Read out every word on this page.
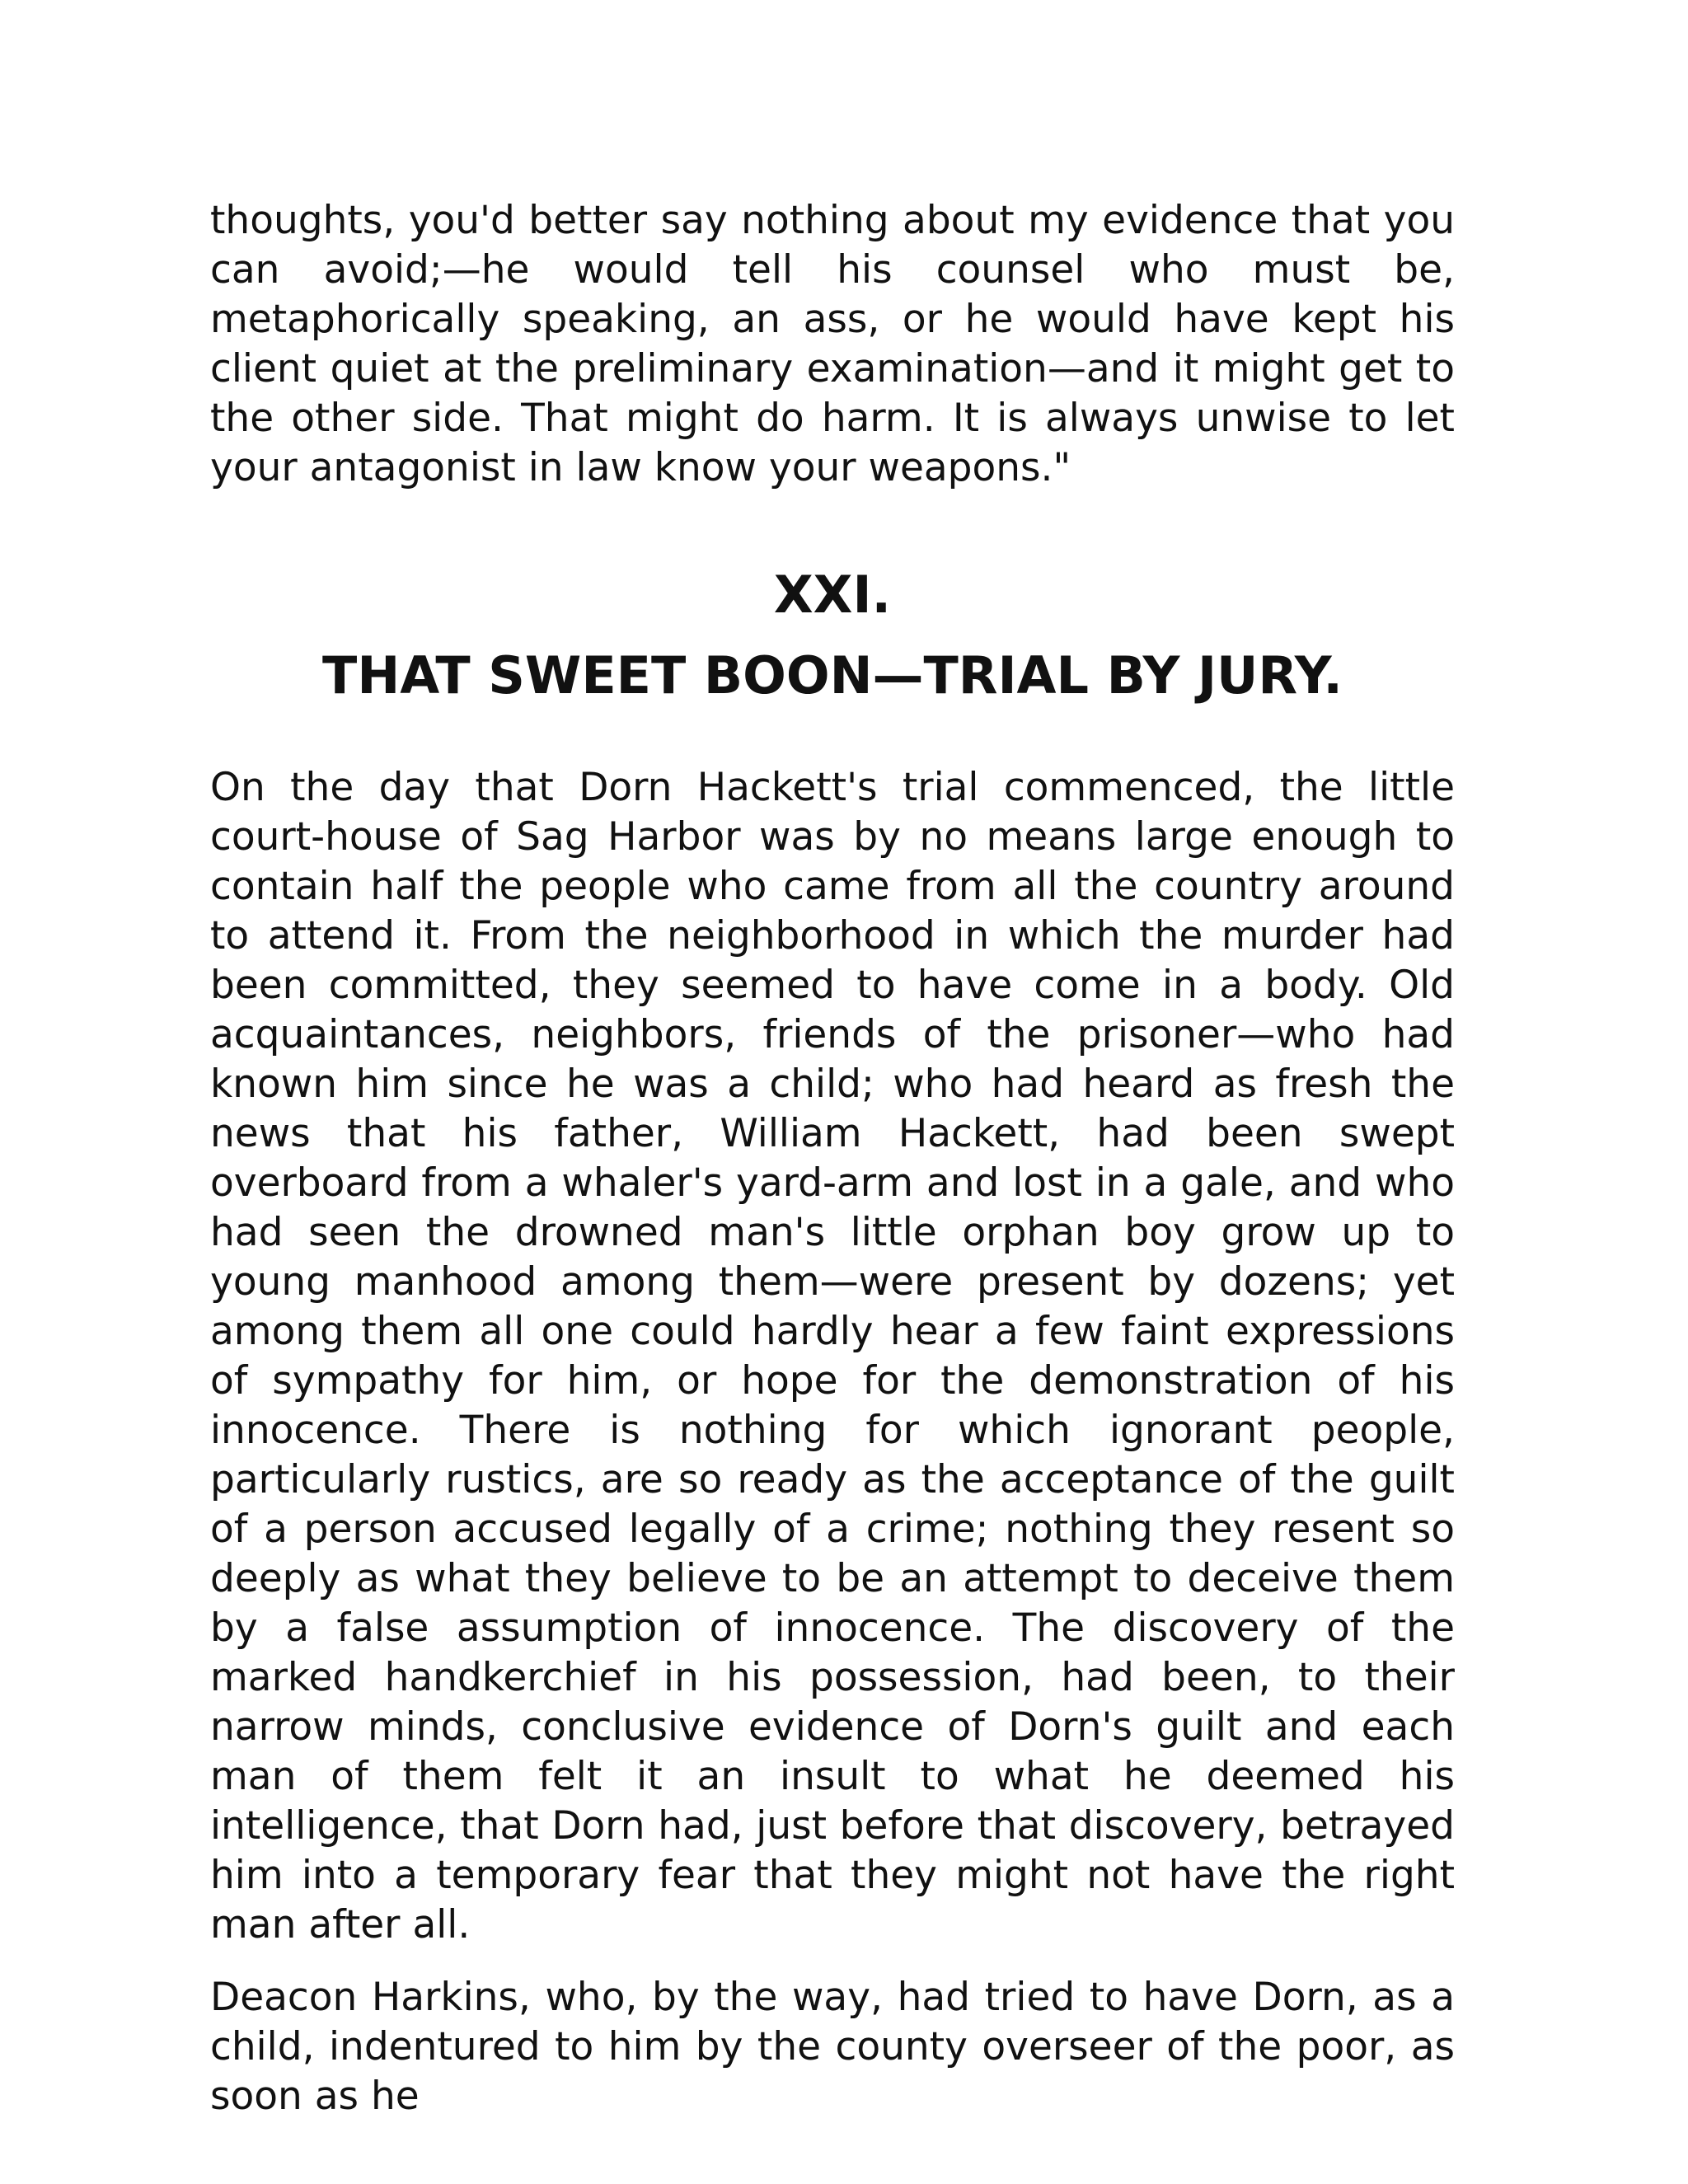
thoughts, you'd better say nothing about my evidence that you can avoid;—he would tell his counsel who must be, metaphorically speaking, an ass, or he would have kept his client quiet at the preliminary examination—and it might get to the other side. That might do harm. It is always unwise to let your antagonist in law know your weapons."

XXI.
THAT SWEET BOON—TRIAL BY JURY.

On the day that Dorn Hackett's trial commenced, the little court-house of Sag Harbor was by no means large enough to contain half the people who came from all the country around to attend it. From the neighborhood in which the murder had been committed, they seemed to have come in a body. Old acquaintances, neighbors, friends of the prisoner—who had known him since he was a child; who had heard as fresh the news that his father, William Hackett, had been swept overboard from a whaler's yard-arm and lost in a gale, and who had seen the drowned man's little orphan boy grow up to young manhood among them—were present by dozens; yet among them all one could hardly hear a few faint expressions of sympathy for him, or hope for the demonstration of his innocence. There is nothing for which ignorant people, particularly rustics, are so ready as the acceptance of the guilt of a person accused legally of a crime; nothing they resent so deeply as what they believe to be an attempt to deceive them by a false assumption of innocence. The discovery of the marked handkerchief in his possession, had been, to their narrow minds, conclusive evidence of Dorn's guilt and each man of them felt it an insult to what he deemed his intelligence, that Dorn had, just before that discovery, betrayed him into a temporary fear that they might not have the right man after all.

Deacon Harkins, who, by the way, had tried to have Dorn, as a child, indentured to him by the county overseer of the poor, as soon as he
